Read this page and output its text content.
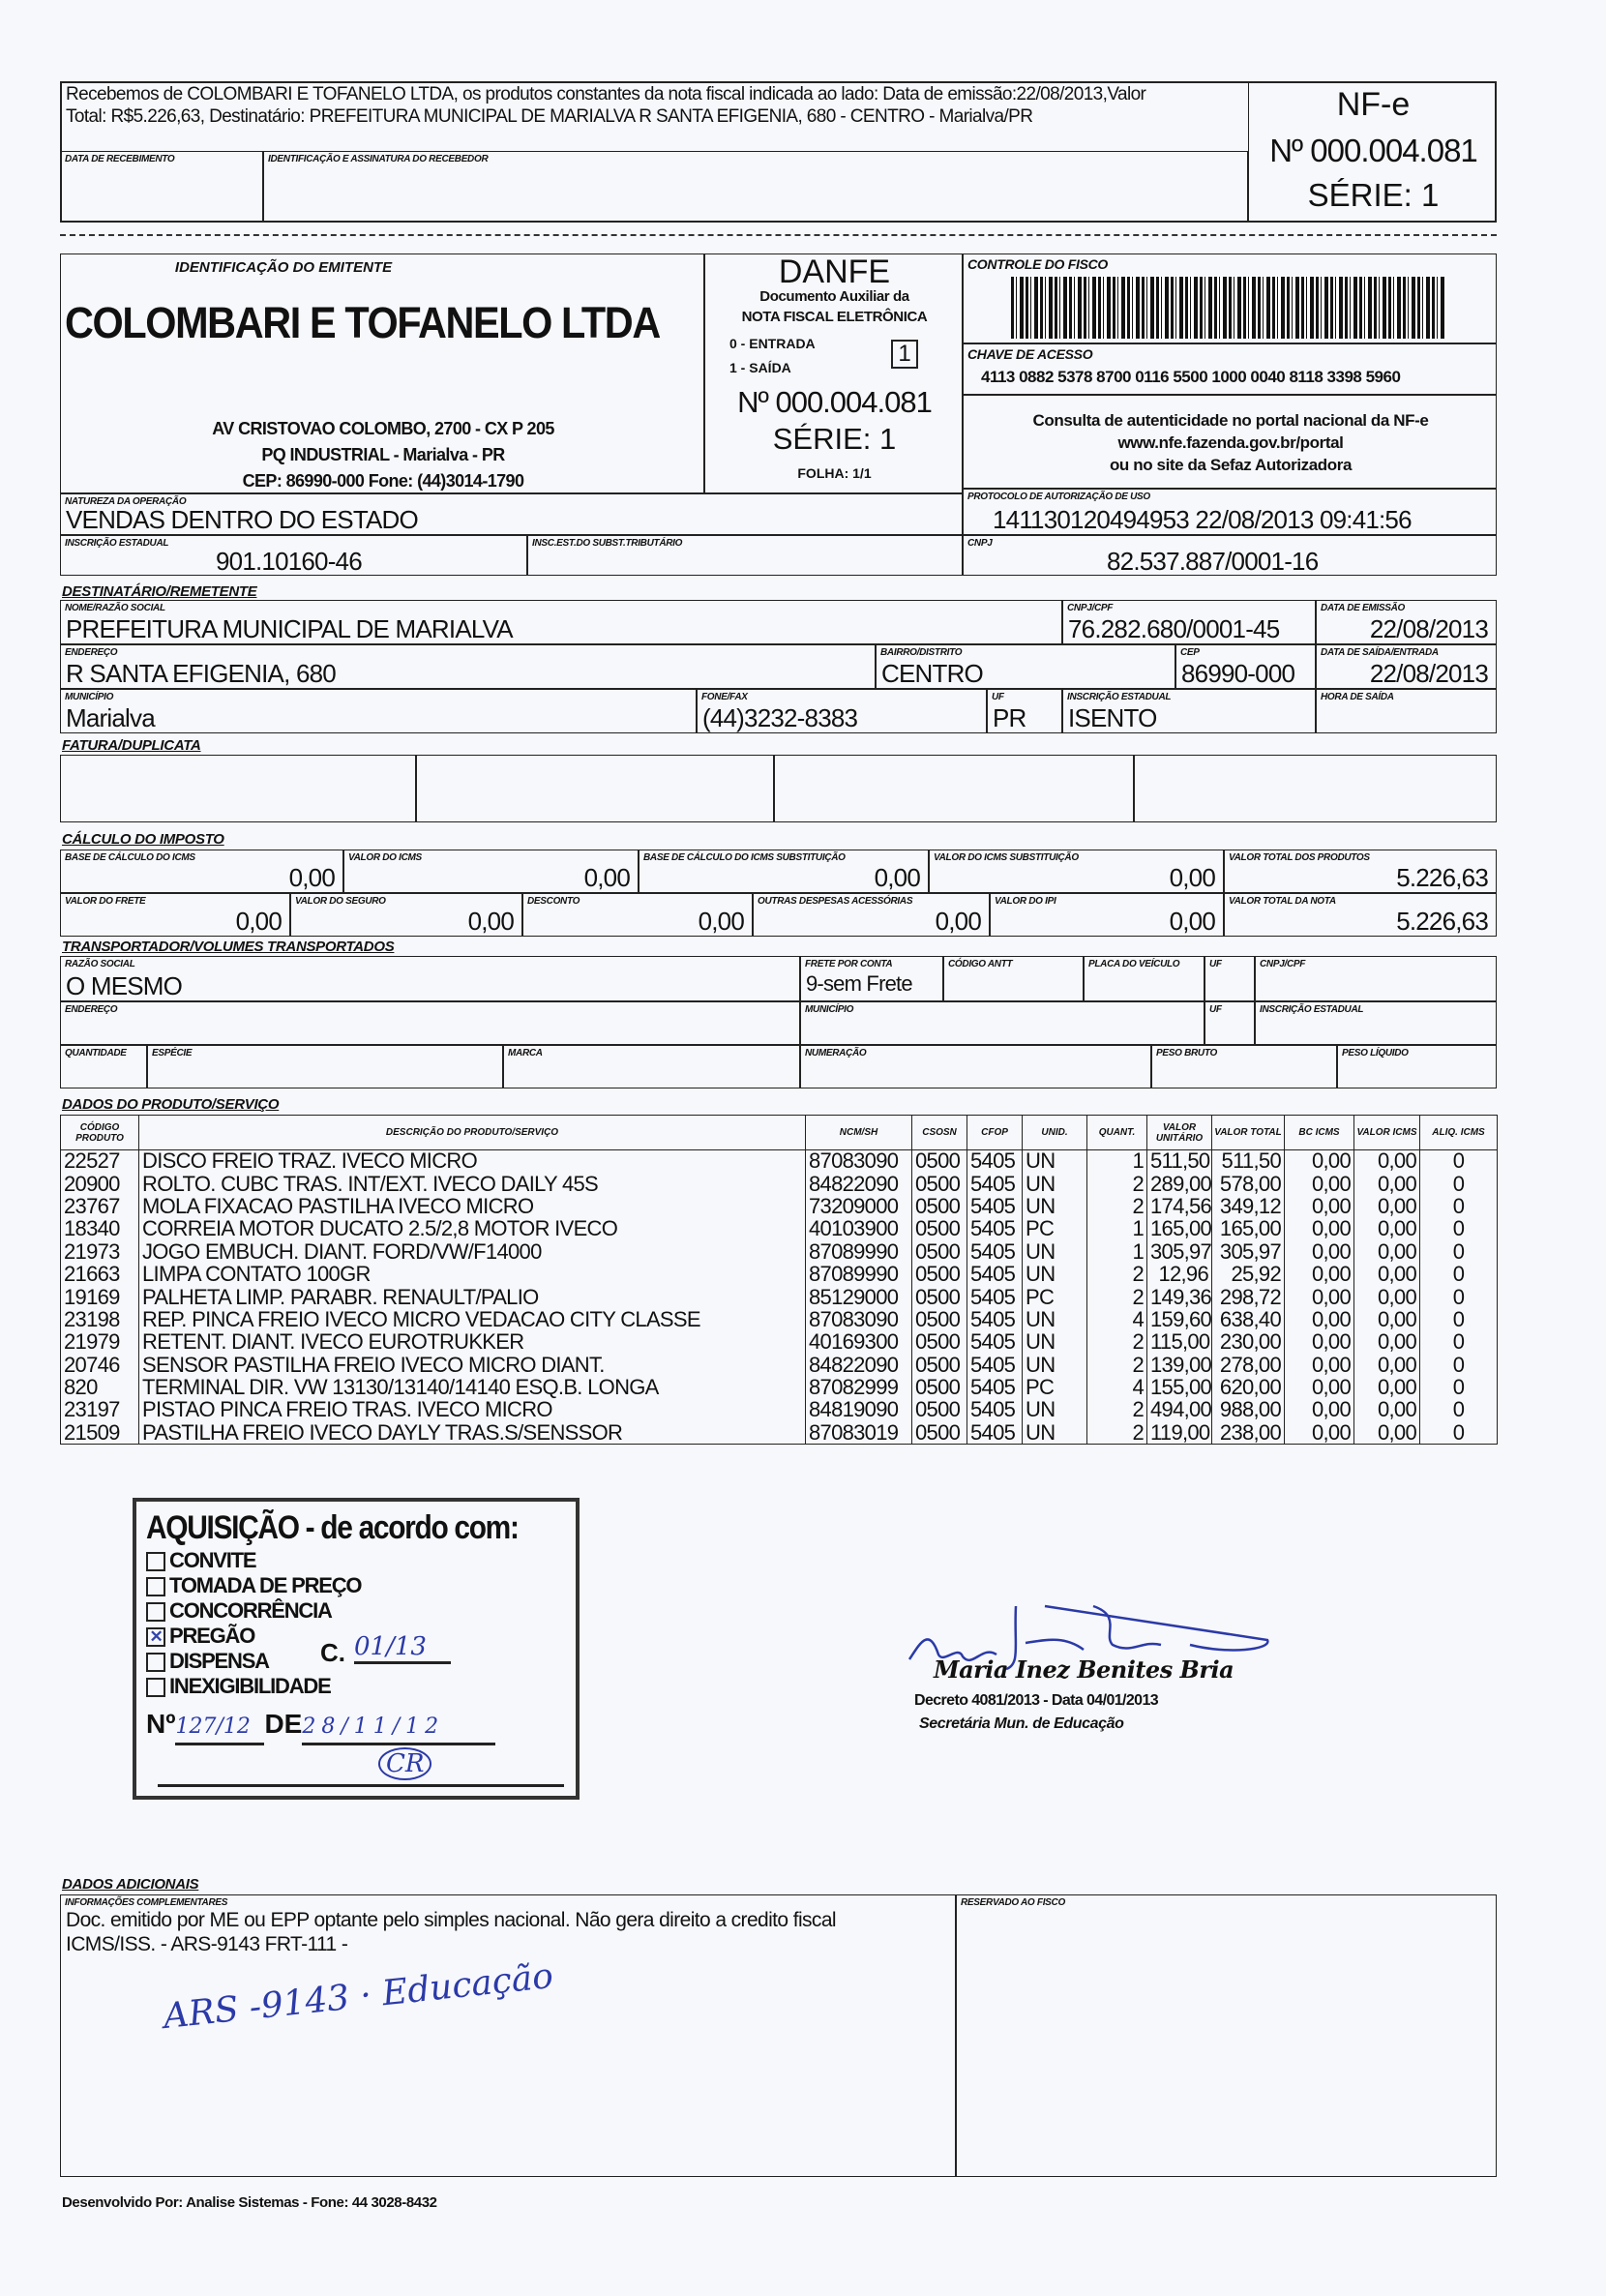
Recebemos de COLOMBARI E TOFANELO LTDA, os produtos constantes da nota fiscal indicada ao lado: Data de emissão:22/08/2013,Valor
Total: R$5.226,63, Destinatário: PREFEITURA MUNICIPAL DE MARIALVA R SANTA EFIGENIA, 680 - CENTRO - Marialva/PR
DATA DE RECEBIMENTO	IDENTIFICAÇÃO E ASSINATURA DO RECEBEDOR
NF-e
Nº 000.004.081
SÉRIE: 1
IDENTIFICAÇÃO DO EMITENTE
COLOMBARI E TOFANELO LTDA
AV CRISTOVAO COLOMBO, 2700 - CX P 205
PQ INDUSTRIAL - Marialva - PR
CEP: 86990-000 Fone: (44)3014-1790
DANFE
Documento Auxiliar da
NOTA FISCAL ELETRÔNICA
0 - ENTRADA
1 - SAÍDA
1
Nº 000.004.081
SÉRIE: 1
FOLHA: 1/1
CONTROLE DO FISCO
CHAVE DE ACESSO
4113 0882 5378 8700 0116 5500 1000 0040 8118 3398 5960
Consulta de autenticidade no portal nacional da NF-e
www.nfe.fazenda.gov.br/portal
ou no site da Sefaz Autorizadora
NATUREZA DA OPERAÇÃO
VENDAS DENTRO DO ESTADO
PROTOCOLO DE AUTORIZAÇÃO DE USO
141130120494953 22/08/2013 09:41:56
INSCRIÇÃO ESTADUAL
901.10160-46
INSC.EST.DO SUBST.TRIBUTÁRIO	CNPJ
82.537.887/0001-16
DESTINATÁRIO/REMETENTE
NOME/RAZÃO SOCIAL
PREFEITURA MUNICIPAL DE MARIALVA
CNPJ/CPF
76.282.680/0001-45
DATA DE EMISSÃO
22/08/2013
ENDEREÇO
R SANTA EFIGENIA, 680
BAIRRO/DISTRITO
CENTRO
CEP
86990-000
DATA DE SAÍDA/ENTRADA
22/08/2013
MUNICÍPIO
Marialva
FONE/FAX
(44)3232-8383
UF
PR
INSCRIÇÃO ESTADUAL
ISENTO
HORA DE SAÍDA
FATURA/DUPLICATA
CÁLCULO DO IMPOSTO
BASE DE CÁLCULO DO ICMS
0,00
VALOR DO ICMS
0,00
BASE DE CÁLCULO DO ICMS SUBSTITUIÇÃO
0,00
VALOR DO ICMS SUBSTITUIÇÃO
0,00
VALOR TOTAL DOS PRODUTOS
5.226,63
VALOR DO FRETE
0,00
VALOR DO SEGURO
0,00
DESCONTO
0,00
OUTRAS DESPESAS ACESSÓRIAS
0,00
VALOR DO IPI
0,00
VALOR TOTAL DA NOTA
5.226,63
TRANSPORTADOR/VOLUMES TRANSPORTADOS
RAZÃO SOCIAL
O MESMO
FRETE POR CONTA
9-sem Frete
CÓDIGO ANTT	PLACA DO VEÍCULO	UF	CNPJ/CPF
ENDEREÇO	MUNICÍPIO	UF	INSCRIÇÃO ESTADUAL
QUANTIDADE	ESPÉCIE	MARCA	NUMERAÇÃO	PESO BRUTO	PESO LÍQUIDO
DADOS DO PRODUTO/SERVIÇO
CÓDIGO PRODUTO	DESCRIÇÃO DO PRODUTO/SERVIÇO	NCM/SH	CSOSN	CFOP	UNID.	QUANT.	VALOR UNITÁRIO	VALOR TOTAL	BC ICMS	VALOR ICMS	ALIQ. ICMS
22527	DISCO FREIO TRAZ. IVECO MICRO	87083090	0500	5405	UN	1	511,50	511,50	0,00	0,00	0
20900	ROLTO. CUBC TRAS. INT/EXT. IVECO DAILY 45S	84822090	0500	5405	UN	2	289,00	578,00	0,00	0,00	0
23767	MOLA FIXACAO PASTILHA IVECO MICRO	73209000	0500	5405	UN	2	174,56	349,12	0,00	0,00	0
18340	CORREIA MOTOR DUCATO 2.5/2,8 MOTOR IVECO	40103900	0500	5405	PC	1	165,00	165,00	0,00	0,00	0
21973	JOGO EMBUCH. DIANT. FORD/VW/F14000	87089990	0500	5405	UN	1	305,97	305,97	0,00	0,00	0
21663	LIMPA CONTATO 100GR	87089990	0500	5405	UN	2	12,96	25,92	0,00	0,00	0
19169	PALHETA LIMP. PARABR. RENAULT/PALIO	85129000	0500	5405	PC	2	149,36	298,72	0,00	0,00	0
23198	REP. PINCA FREIO IVECO MICRO VEDACAO CITY CLASSE	87083090	0500	5405	UN	4	159,60	638,40	0,00	0,00	0
21979	RETENT. DIANT. IVECO EUROTRUKKER	40169300	0500	5405	UN	2	115,00	230,00	0,00	0,00	0
20746	SENSOR PASTILHA FREIO IVECO MICRO DIANT.	84822090	0500	5405	UN	2	139,00	278,00	0,00	0,00	0
820	TERMINAL DIR. VW 13130/13140/14140 ESQ.B. LONGA	87082999	0500	5405	PC	4	155,00	620,00	0,00	0,00	0
23197	PISTAO PINCA FREIO TRAS. IVECO MICRO	84819090	0500	5405	UN	2	494,00	988,00	0,00	0,00	0
21509	PASTILHA FREIO IVECO DAYLY TRAS.S/SENSSOR	87083019	0500	5405	UN	2	119,00	238,00	0,00	0,00	0
AQUISIÇÃO - de acordo com:
CONVITE
TOMADA DE PREÇO
CONCORRÊNCIA
✕ PREGÃO
DISPENSA
INEXIGIBILIDADE
C. 01/13
Nº127/12 DE28/11/12
CR
Maria Inez Benites Bria
Decreto 4081/2013 - Data 04/01/2013
Secretária Mun. de Educação
DADOS ADICIONAIS
INFORMAÇÕES COMPLEMENTARES
Doc. emitido por ME ou EPP optante pelo simples nacional. Não gera direito a credito fiscal
ICMS/ISS. - ARS-9143 FRT-111 -
ARS -9143 · Educação
RESERVADO AO FISCO
Desenvolvido Por: Analise Sistemas - Fone: 44 3028-8432
